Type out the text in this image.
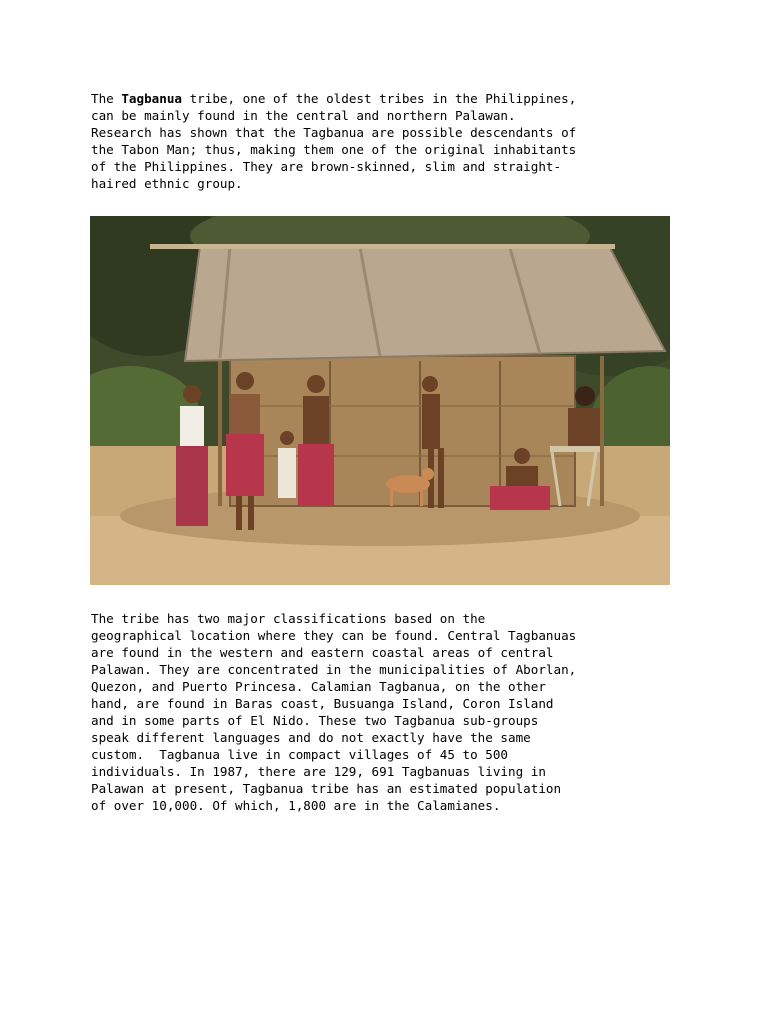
The Tagbanua tribe, one of the oldest tribes in the Philippines,
can be mainly found in the central and northern Palawan.
Research has shown that the Tagbanua are possible descendants of
the Tabon Man; thus, making them one of the original inhabitants
of the Philippines. They are brown-skinned, slim and straight-
haired ethnic group.

The tribe has two major classifications based on the
geographical location where they can be found. Central Tagbanuas
are found in the western and eastern coastal areas of central
Palawan. They are concentrated in the municipalities of Aborlan,
Quezon, and Puerto Princesa. Calamian Tagbanua, on the other
hand, are found in Baras coast, Busuanga Island, Coron Island
and in some parts of El Nido. These two Tagbanua sub-groups
speak different languages and do not exactly have the same
custom.  Tagbanua live in compact villages of 45 to 500
individuals. In 1987, there are 129, 691 Tagbanuas living in
Palawan at present, Tagbanua tribe has an estimated population
of over 10,000. Of which, 1,800 are in the Calamianes.
